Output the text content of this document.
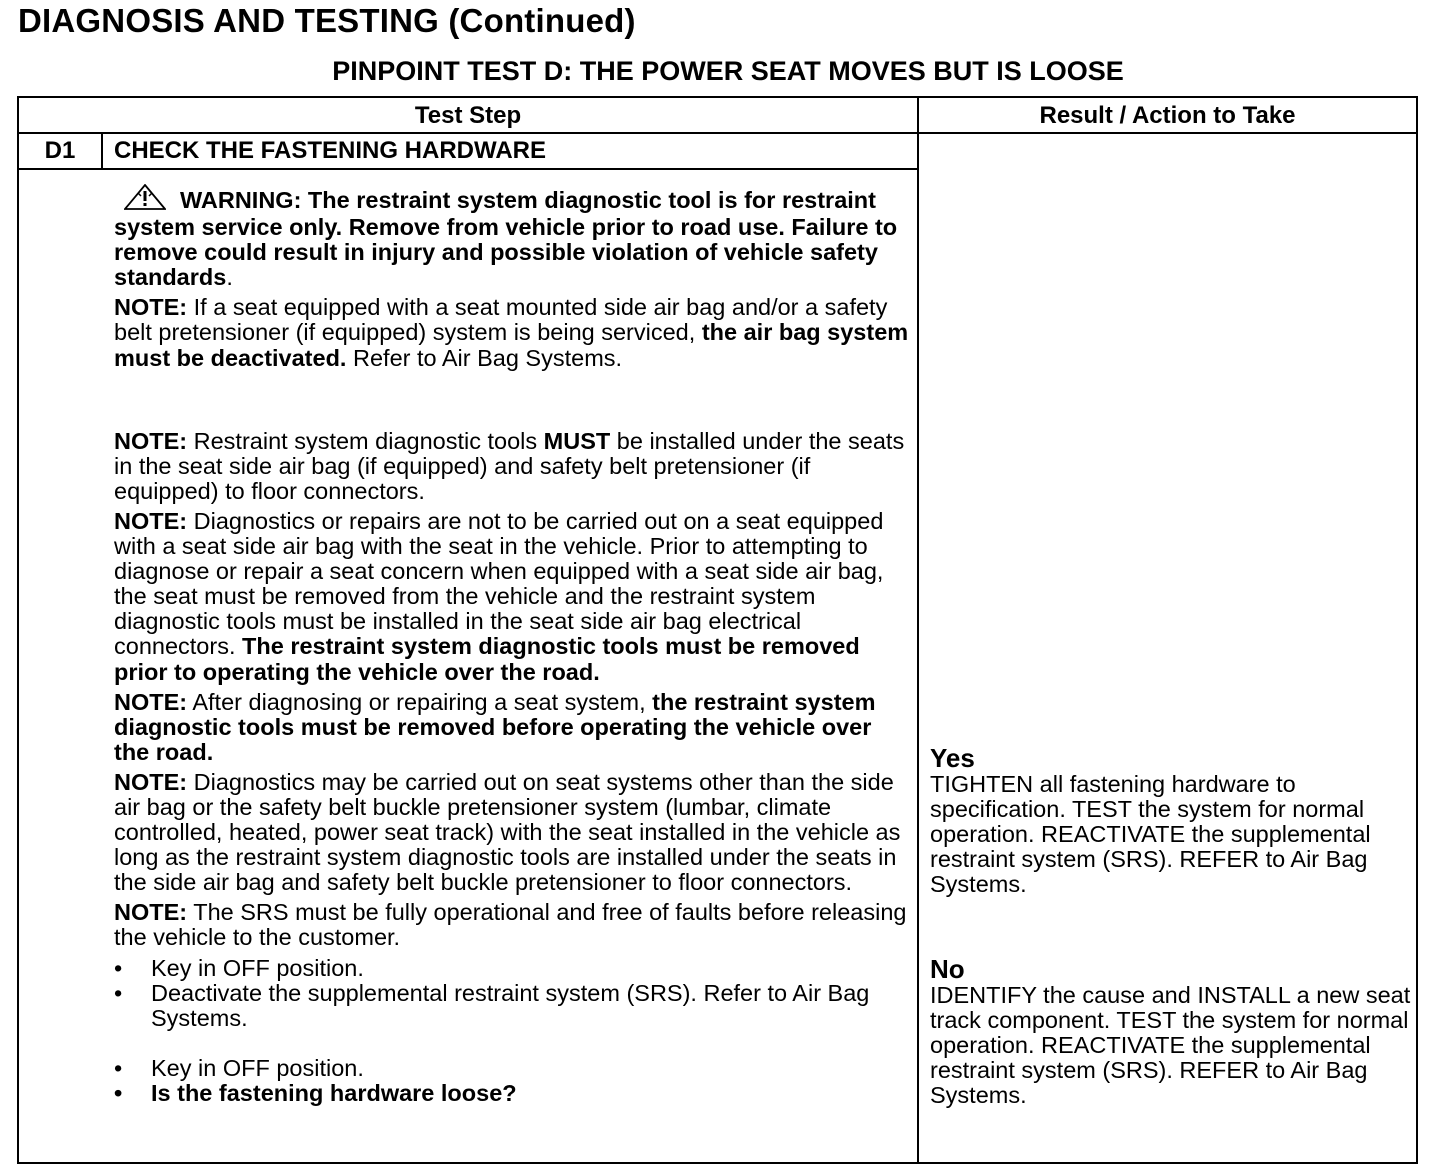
DIAGNOSIS AND TESTING (Continued)
PINPOINT TEST D: THE POWER SEAT MOVES BUT IS LOOSE
Test Step	Result / Action to Take
D1	CHECK THE FASTENING HARDWARE

WARNING: The restraint system diagnostic tool is for restraint system service only. Remove from vehicle prior to road use. Failure to remove could result in injury and possible violation of vehicle safety standards.

NOTE: If a seat equipped with a seat mounted side air bag and/or a safety belt pretensioner (if equipped) system is being serviced, the air bag system must be deactivated. Refer to Air Bag Systems.

NOTE: Restraint system diagnostic tools MUST be installed under the seats in the seat side air bag (if equipped) and safety belt pretensioner (if equipped) to floor connectors.

NOTE: Diagnostics or repairs are not to be carried out on a seat equipped with a seat side air bag with the seat in the vehicle. Prior to attempting to diagnose or repair a seat concern when equipped with a seat side air bag, the seat must be removed from the vehicle and the restraint system diagnostic tools must be installed in the seat side air bag electrical connectors. The restraint system diagnostic tools must be removed prior to operating the vehicle over the road.

NOTE: After diagnosing or repairing a seat system, the restraint system diagnostic tools must be removed before operating the vehicle over the road.

NOTE: Diagnostics may be carried out on seat systems other than the side air bag or the safety belt buckle pretensioner system (lumbar, climate controlled, heated, power seat track) with the seat installed in the vehicle as long as the restraint system diagnostic tools are installed under the seats in the side air bag and safety belt buckle pretensioner to floor connectors.

NOTE: The SRS must be fully operational and free of faults before releasing the vehicle to the customer.

• Key in OFF position.

• Deactivate the supplemental restraint system (SRS). Refer to Air Bag Systems.

• Key in OFF position.

• Is the fastening hardware loose?

Yes

TIGHTEN all fastening hardware to specification. TEST the system for normal operation. REACTIVATE the supplemental restraint system (SRS). REFER to Air Bag Systems.

No

IDENTIFY the cause and INSTALL a new seat track component. TEST the system for normal operation. REACTIVATE the supplemental restraint system (SRS). REFER to Air Bag Systems.
